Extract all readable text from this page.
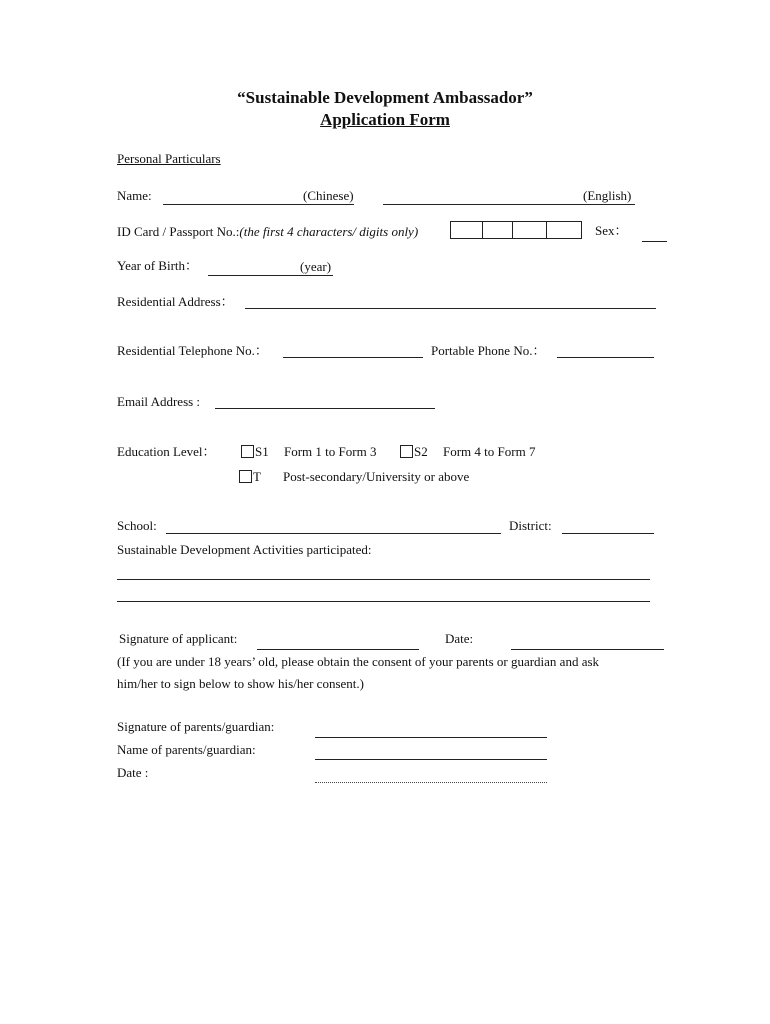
“Sustainable Development Ambassador”
Application Form
Personal Particulars
Name:	(Chinese)	(English)
ID Card / Passport No.:(the first 4 characters/ digits only)	Sex：
Year of Birth：	(year)
Residential Address：
Residential Telephone No.：	Portable Phone No.：
Email Address :
Education Level：	S1 Form 1 to Form 3	S2 Form 4 to Form 7
T Post-secondary/University or above
School:	District:
Sustainable Development Activities participated:
Signature of applicant:	Date:
(If you are under 18 years’ old, please obtain the consent of your parents or guardian and ask
him/her to sign below to show his/her consent.)
Signature of parents/guardian:
Name of parents/guardian:
Date :
